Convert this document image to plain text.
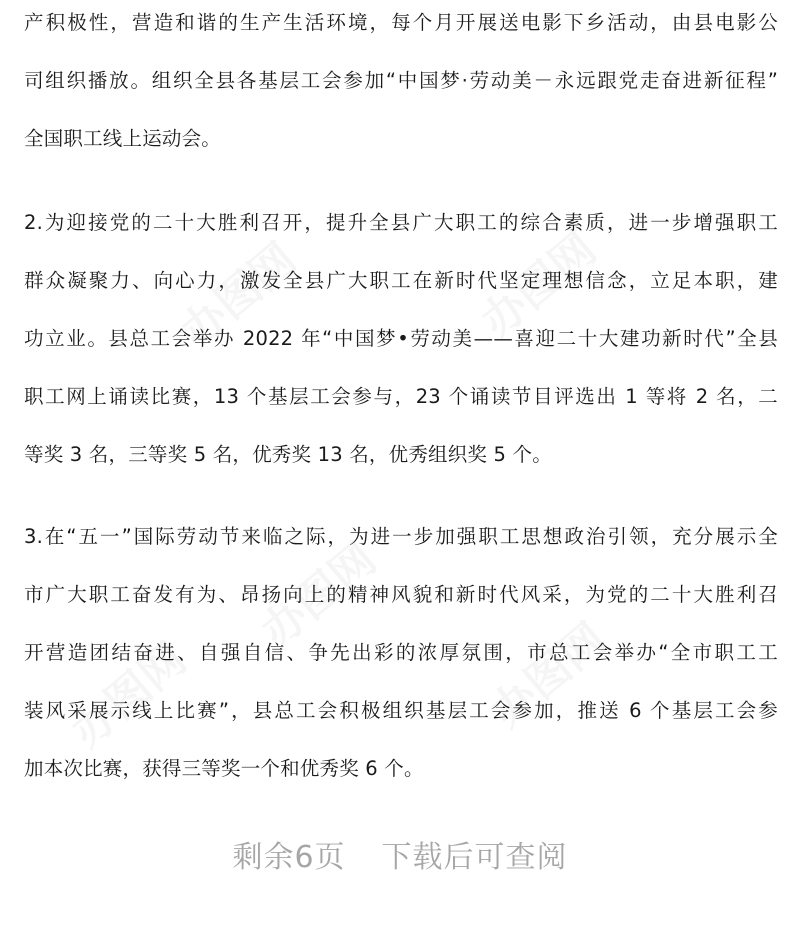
办图网	办图网
办图网
办图网	办图网
产积极性，营造和谐的生产生活环境，每个月开展送电影下乡活动，由县电影公
司组织播放。组织全县各基层工会参加“中国梦·劳动美－永远跟党走奋进新征程”
全国职工线上运动会。
2.为迎接党的二十大胜利召开，提升全县广大职工的综合素质，进一步增强职工
群众凝聚力、向心力，激发全县广大职工在新时代坚定理想信念，立足本职，建
功立业。县总工会举办 2022 年“中国梦•劳动美——喜迎二十大建功新时代”全县
职工网上诵读比赛，13 个基层工会参与，23 个诵读节目评选出 1 等将 2 名，二
等奖 3 名，三等奖 5 名，优秀奖 13 名，优秀组织奖 5 个。
3.在“五一”国际劳动节来临之际，为进一步加强职工思想政治引领，充分展示全
市广大职工奋发有为、昂扬向上的精神风貌和新时代风采，为党的二十大胜利召
开营造团结奋进、自强自信、争先出彩的浓厚氛围，市总工会举办“全市职工工
装风采展示线上比赛”，县总工会积极组织基层工会参加，推送 6 个基层工会参
加本次比赛，获得三等奖一个和优秀奖 6 个。
剩余6页 下载后可查阅
